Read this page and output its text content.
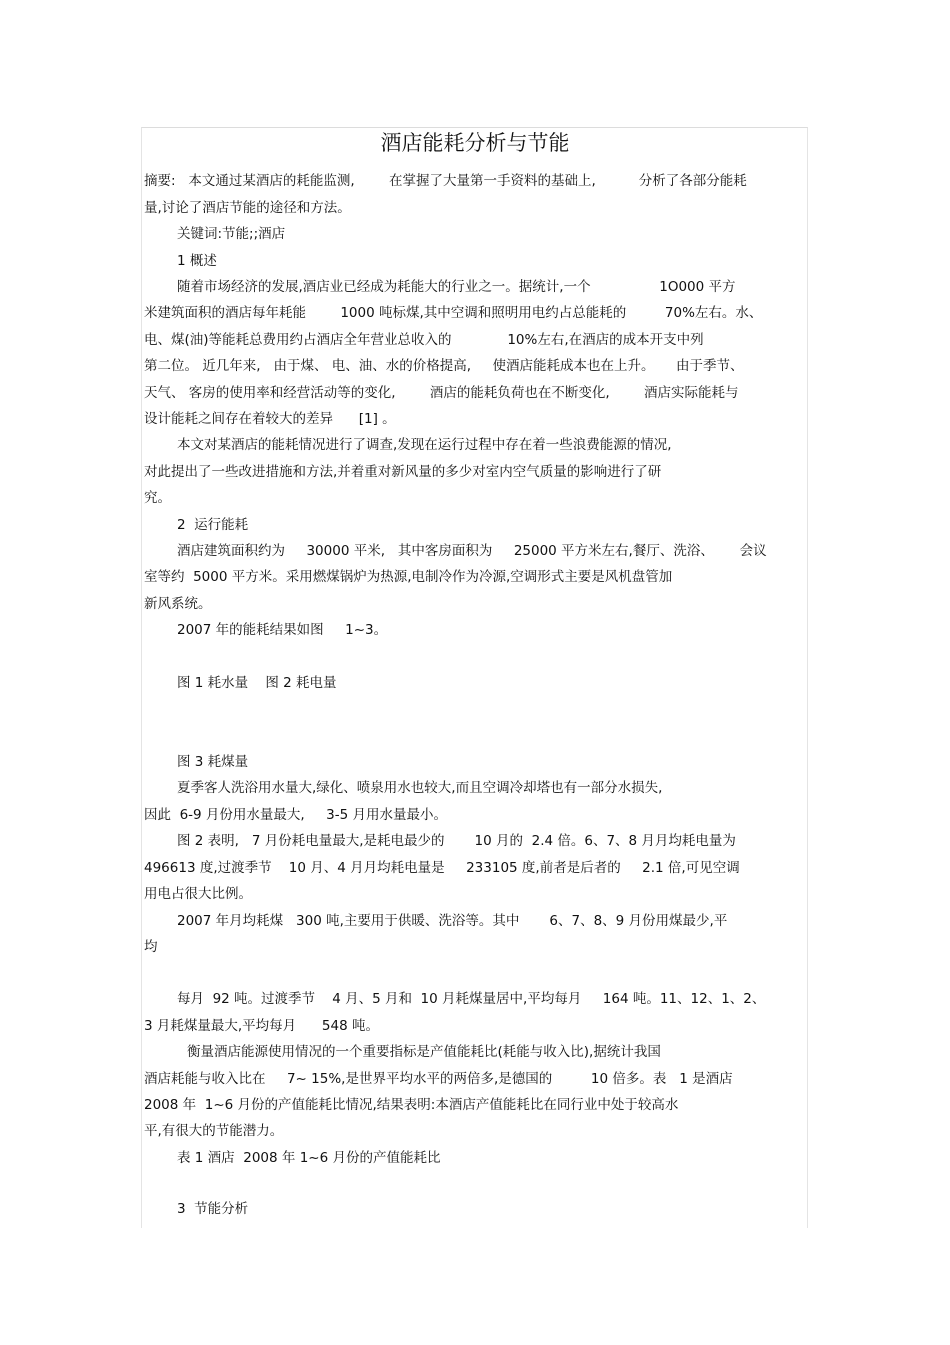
酒店能耗分析与节能
摘要:   本文通过某酒店的耗能监测,        在掌握了大量第一手资料的基础上,          分析了各部分能耗
量,讨论了酒店节能的途径和方法。
关键词:节能;;酒店
1 概述
随着市场经济的发展,酒店业已经成为耗能大的行业之一。据统计,一个                1O000 平方
米建筑面积的酒店每年耗能        1000 吨标煤,其中空调和照明用电约占总能耗的         70%左右。水、
电、煤(油)等能耗总费用约占酒店全年营业总收入的             10%左右,在酒店的成本开支中列
第二位。 近几年来,   由于煤、 电、油、水的价格提高,     使酒店能耗成本也在上升。     由于季节、
天气、 客房的使用率和经营活动等的变化,        酒店的能耗负荷也在不断变化,        酒店实际能耗与
设计能耗之间存在着较大的差异      [1] 。
本文对某酒店的能耗情况进行了调查,发现在运行过程中存在着一些浪费能源的情况,
对此提出了一些改进措施和方法,并着重对新风量的多少对室内空气质量的影响进行了研
究。
2  运行能耗
酒店建筑面积约为     30000 平米,   其中客房面积为     25000 平方米左右,餐厅、洗浴、      会议
室等约  5000 平方米。采用燃煤锅炉为热源,电制冷作为冷源,空调形式主要是风机盘管加
新风系统。
2007 年的能耗结果如图     1~3。
图 1 耗水量    图 2 耗电量
图 3 耗煤量
夏季客人洗浴用水量大,绿化、喷泉用水也较大,而且空调冷却塔也有一部分水损失,
因此  6-9 月份用水量最大,     3-5 月用水量最小。
图 2 表明,   7 月份耗电量最大,是耗电最少的       10 月的  2.4 倍。6、7、8 月月均耗电量为
496613 度,过渡季节    10 月、4 月月均耗电量是     233105 度,前者是后者的     2.1 倍,可见空调
用电占很大比例。
2007 年月均耗煤   300 吨,主要用于供暖、洗浴等。其中       6、7、8、9 月份用煤最少,平
均
每月  92 吨。过渡季节    4 月、5 月和  10 月耗煤量居中,平均每月     164 吨。11、12、1、2、
3 月耗煤量最大,平均每月      548 吨。
衡量酒店能源使用情况的一个重要指标是产值能耗比(耗能与收入比),据统计我国
酒店耗能与收入比在     7~ 15%,是世界平均水平的两倍多,是德国的         10 倍多。表   1 是酒店
2008 年  1~6 月份的产值能耗比情况,结果表明:本酒店产值能耗比在同行业中处于较高水
平,有很大的节能潜力。
表 1 酒店  2008 年 1~6 月份的产值能耗比
3  节能分析
